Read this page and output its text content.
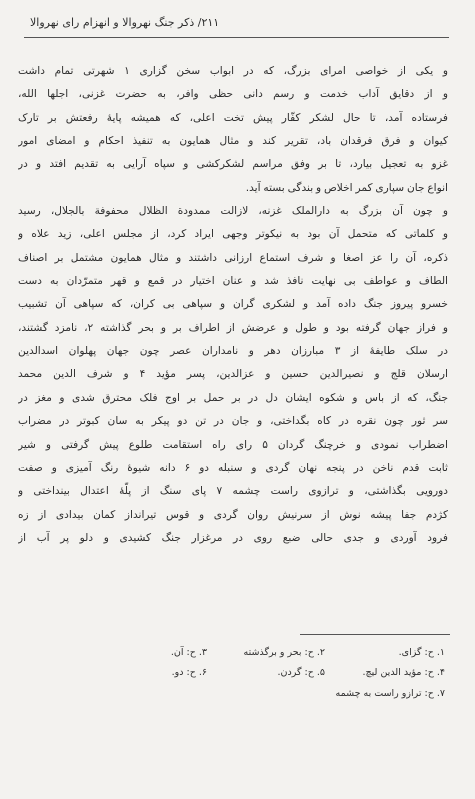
۲۱۱/ ذکر جنگ نهروالا و انهزام رای نهروالا
و یکی از خواصی امرای بزرگ، که در ابواب سخن گزاری ۱ شهرتی تمام داشت
و از دقایق آداب خدمت و رسم دانی حظی وافر، به حضرت غزنی، اجلها الله،
فرستاده آمد، تا حال لشکر کفّار پیش تخت اعلی، که همیشه پایهٔ رفعتش بر تارک
کیوان و فرق فرقدان باد، تقریر کند و مثال همایون به تنفیذ احکام و امضای امور
غزو به تعجیل بیارد، تا بر وفق مراسم لشکرکشی و سپاه آرایی به تقدیم افتد و در
انواع جان سپاری کمر اخلاص و بندگی بسته آید.
و چون آن بزرگ به دارالملک غزنه، لازالت ممدودة الظلال محفوفة بالجلال، رسید
و کلماتی که متحمل آن بود به نیکوتر وجهی ایراد کرد، از مجلس اعلی، زید علاه و
ذکره، آن را عز اصغا و شرف استماع ارزانی داشتند و مثال همایون مشتمل بر اصناف
الطاف و عواطف بی نهایت نافذ شد و عنان اختیار در قمع و قهر متمرّدان به دست
خسرو پیروز جنگ داده آمد و لشکری گران و سپاهی بی کران، که سپاهی آن تشبیب
و فراز جهان گرفته بود و طول و عرضش از اطراف بر و بحر گذاشته ۲، نامزد گشتند،
در سلک طایفهٔ از ۳ مبارزان دهر و نامداران عصر چون جهان پهلوان اسدالدین
ارسلان قلج و نصیرالدین حسین و عزالدین، پسر مؤید ۴ و شرف الدین محمد
جنگ، که از باس و شکوه ایشان دل در بر حمل بر اوج فلک محترق شدی و مغز در
سر ثور چون نقره در کاه بگداختی، و جان در تن دو پیکر به سان کبوتر در مضراب
اضطراب نمودی و خرچنگ گردان ۵ رای راه استقامت طلوع پیش گرفتی و شیر
ثابت قدم ناخن در پنجه نهان گردی و سنبله دو ۶ دانه شیوهٔ رنگ آمیزی و صفت
دورویی بگذاشتی، و ترازوی راست چشمه ۷ پای سنگ از پلّهٔ اعتدال بینداختی و
کژدم جفا پیشه نوش از سرنیش روان گردی و قوس تیرانداز کمان بیدادی از زه
فرود آوردی و جدی حالی ضبع روی در مرغزار جنگ کشیدی و دلو پر آب از
۱. ح: گزای.
۲. ح: بحر و برگذشته
۳. ح: آن.
۴. ح: مؤید الدین لیچ.
۵. ح: گردن.
۶. ح: دو.
۷. ح: ترازو راست به چشمه
